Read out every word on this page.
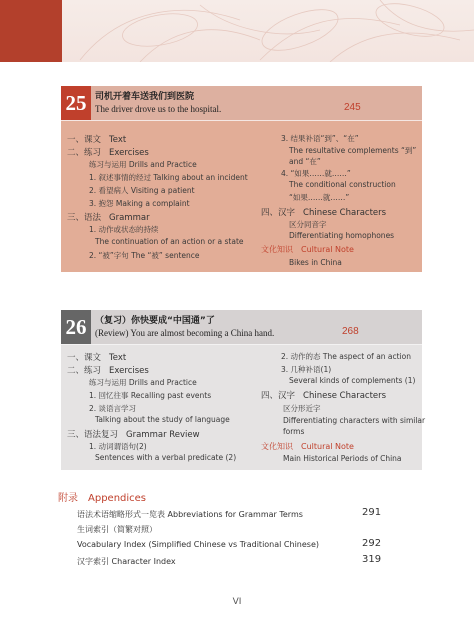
25 司机开着车送我们到医院
The driver drove us to the hospital.	245
一、课文 Text
二、练习 Exercises
练习与运用 Drills and Practice
1. 叙述事情的经过 Talking about an incident
2. 看望病人 Visiting a patient
3. 抱怨 Making a complaint
三、语法 Grammar
1. 动作或状态的持续
The continuation of an action or a state
2. “被”字句 The “被” sentence
3. 结果补语“到”、“在”
The resultative complements “到”
and “在”
4. “如果……就……”
The conditional construction
“如果……就……”
四、汉字 Chinese Characters
区分同音字
Differentiating homophones
文化知识 Cultural Note
Bikes in China
26 （复习）你快要成“中国通”了
(Review) You are almost becoming a China hand.	268
一、课文 Text
二、练习 Exercises
练习与运用 Drills and Practice
1. 回忆往事 Recalling past events
2. 谈语言学习
Talking about the study of language
三、语法复习 Grammar Review
1. 动词谓语句(2)
Sentences with a verbal predicate (2)
2. 动作的态 The aspect of an action
3. 几种补语(1)
Several kinds of complements (1)
四、汉字 Chinese Characters
区分形近字
Differentiating characters with similar
forms
文化知识 Cultural Note
Main Historical Periods of China
附录 Appendices
语法术语缩略形式一览表 Abbreviations for Grammar Terms	291
生词索引（简繁对照）
Vocabulary Index (Simplified Chinese vs Traditional Chinese)	292
汉字索引 Character Index	319
VI
